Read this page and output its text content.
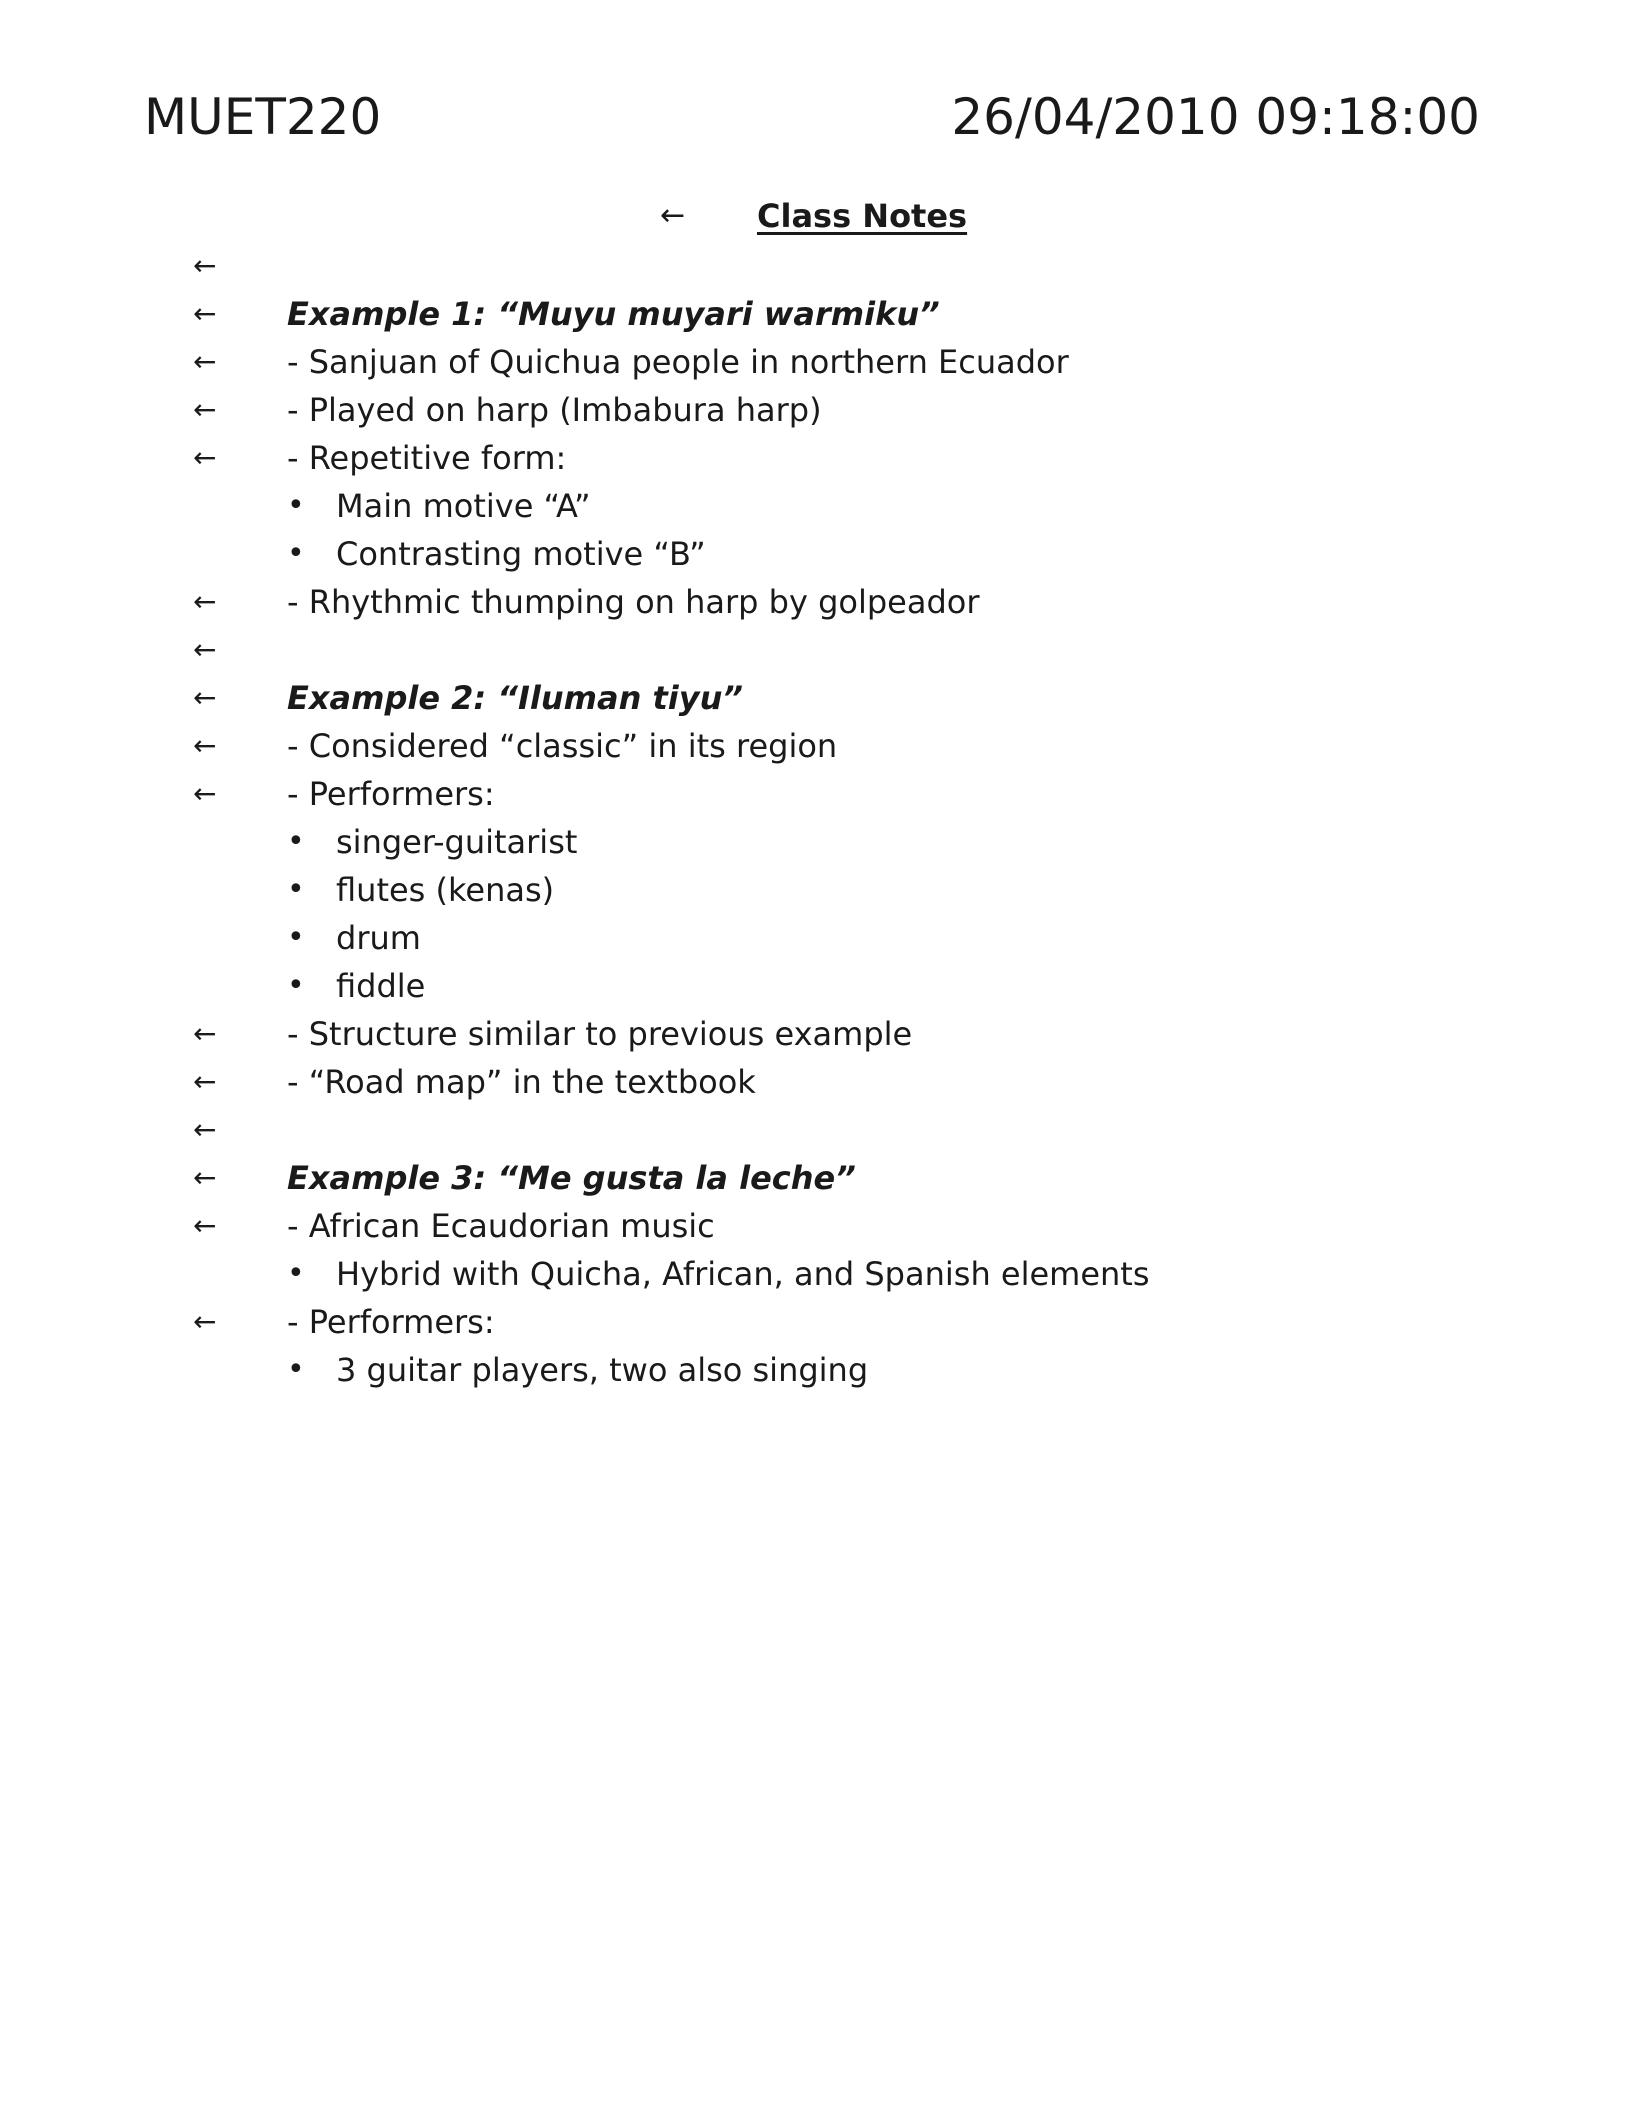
MUET220	26/04/2010 09:18:00
← Class Notes
←
← Example 1: “Muyu muyari warmiku”
← - Sanjuan of Quichua people in northern Ecuador
← - Played on harp (Imbabura harp)
← - Repetitive form:
• Main motive “A”
• Contrasting motive “B”
← - Rhythmic thumping on harp by golpeador
←
← Example 2: “Iluman tiyu”
← - Considered “classic” in its region
← - Performers:
• singer-guitarist
• flutes (kenas)
• drum
• fiddle
← - Structure similar to previous example
← - “Road map” in the textbook
←
← Example 3: “Me gusta la leche”
← - African Ecaudorian music
• Hybrid with Quicha, African, and Spanish elements
← - Performers:
• 3 guitar players, two also singing
